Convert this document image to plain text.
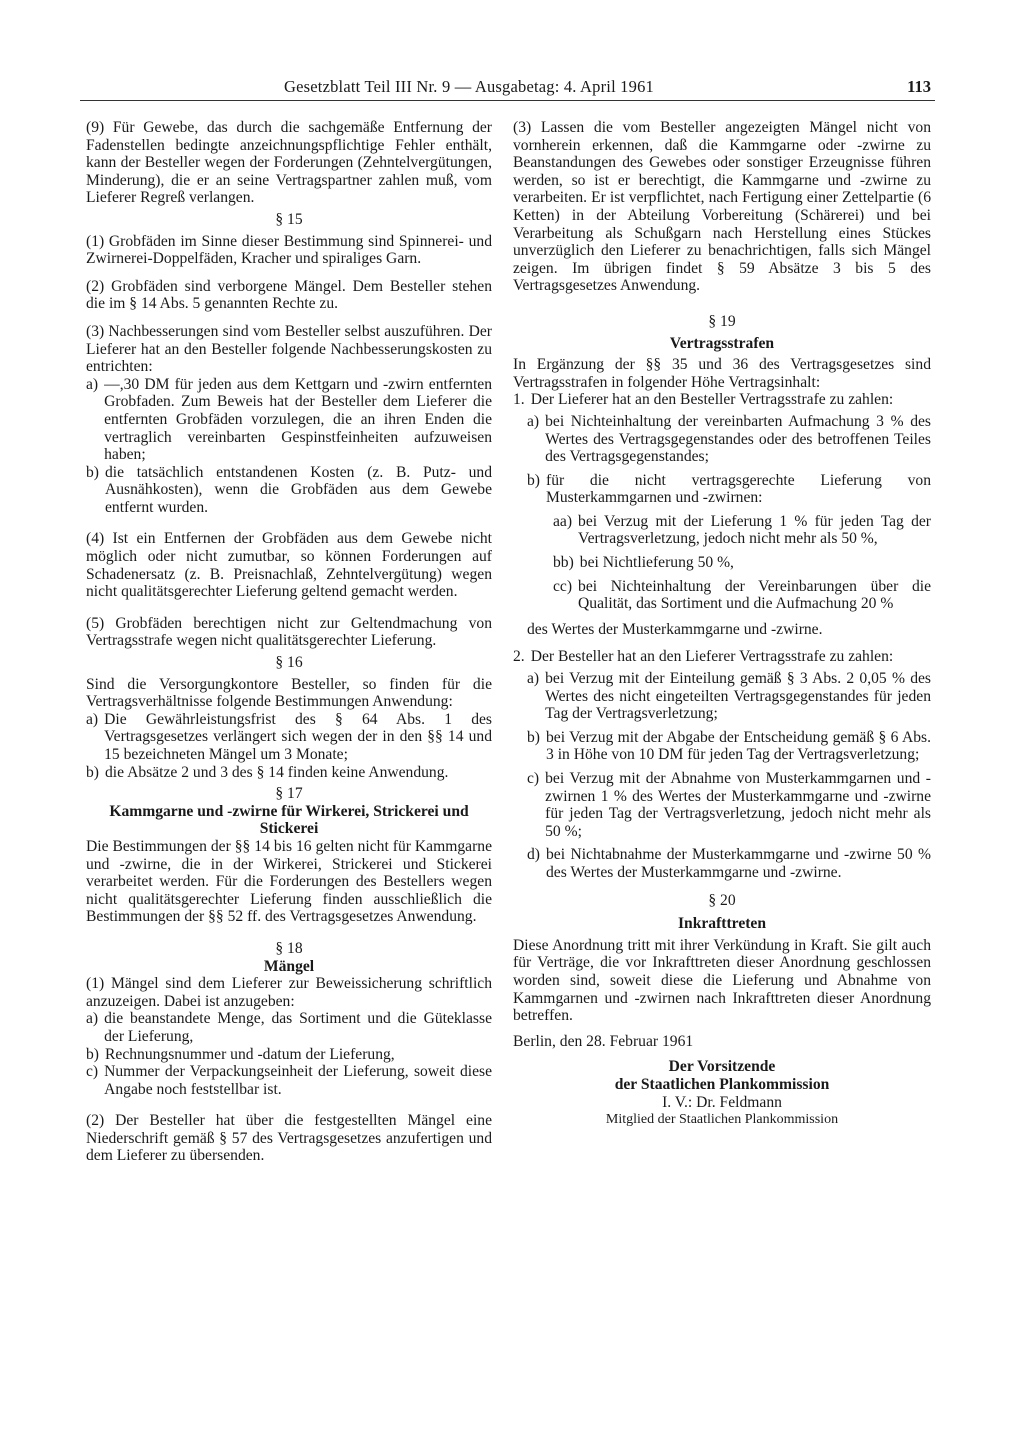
Gesetzblatt Teil III Nr. 9 — Ausgabetag: 4. April 1961	113

(9) Für Gewebe, das durch die sachgemäße Entfernung der Fadenstellen bedingte anzeichnungspflichtige Fehler enthält, kann der Besteller wegen der Forderungen (Zehntelvergütungen, Minderung), die er an seine Vertragspartner zahlen muß, vom Lieferer Regreß verlangen.

§ 15

(1) Grobfäden im Sinne dieser Bestimmung sind Spinnerei- und Zwirnerei-Doppelfäden, Kracher und spiraliges Garn.

(2) Grobfäden sind verborgene Mängel. Dem Besteller stehen die im § 14 Abs. 5 genannten Rechte zu.

(3) Nachbesserungen sind vom Besteller selbst auszuführen. Der Lieferer hat an den Besteller folgende Nachbesserungskosten zu entrichten:

a) —,30 DM für jeden aus dem Kettgarn und -zwirn entfernten Grobfaden. Zum Beweis hat der Besteller dem Lieferer die entfernten Grobfäden vorzulegen, die an ihren Enden die vertraglich vereinbarten Gespinstfeinheiten aufzuweisen haben;
b) die tatsächlich entstandenen Kosten (z. B. Putz- und Ausnähkosten), wenn die Grobfäden aus dem Gewebe entfernt wurden.

(4) Ist ein Entfernen der Grobfäden aus dem Gewebe nicht möglich oder nicht zumutbar, so können Forderungen auf Schadenersatz (z. B. Preisnachlaß, Zehntelvergütung) wegen nicht qualitätsgerechter Lieferung geltend gemacht werden.

(5) Grobfäden berechtigen nicht zur Geltendmachung von Vertragsstrafe wegen nicht qualitätsgerechter Lieferung.

§ 16

Sind die Versorgungkontore Besteller, so finden für die Vertragsverhältnisse folgende Bestimmungen Anwendung:

a) Die Gewährleistungsfrist des § 64 Abs. 1 des Vertragsgesetzes verlängert sich wegen der in den §§ 14 und 15 bezeichneten Mängel um 3 Monate;
b) die Absätze 2 und 3 des § 14 finden keine Anwendung.

§ 17

Kammgarne und -zwirne für Wirkerei, Strickerei und Stickerei

Die Bestimmungen der §§ 14 bis 16 gelten nicht für Kammgarne und -zwirne, die in der Wirkerei, Strickerei und Stickerei verarbeitet werden. Für die Forderungen des Bestellers wegen nicht qualitätsgerechter Lieferung finden ausschließlich die Bestimmungen der §§ 52 ff. des Vertragsgesetzes Anwendung.

§ 18

Mängel

(1) Mängel sind dem Lieferer zur Beweissicherung schriftlich anzuzeigen. Dabei ist anzugeben:

a) die beanstandete Menge, das Sortiment und die Güteklasse der Lieferung,
b) Rechnungsnummer und -datum der Lieferung,
c) Nummer der Verpackungseinheit der Lieferung, soweit diese Angabe noch feststellbar ist.

(2) Der Besteller hat über die festgestellten Mängel eine Niederschrift gemäß § 57 des Vertragsgesetzes anzufertigen und dem Lieferer zu übersenden.

(3) Lassen die vom Besteller angezeigten Mängel nicht von vornherein erkennen, daß die Kammgarne oder -zwirne zu Beanstandungen des Gewebes oder sonstiger Erzeugnisse führen werden, so ist er berechtigt, die Kammgarne und -zwirne zu verarbeiten. Er ist verpflichtet, nach Fertigung einer Zettelpartie (6 Ketten) in der Abteilung Vorbereitung (Schärerei) und bei Verarbeitung als Schußgarn nach Herstellung eines Stückes unverzüglich den Lieferer zu benachrichtigen, falls sich Mängel zeigen. Im übrigen findet § 59 Absätze 3 bis 5 des Vertragsgesetzes Anwendung.

§ 19

Vertragsstrafen

In Ergänzung der §§ 35 und 36 des Vertragsgesetzes sind Vertragsstrafen in folgender Höhe Vertragsinhalt:

1. Der Lieferer hat an den Besteller Vertragsstrafe zu zahlen:
a) bei Nichteinhaltung der vereinbarten Aufmachung 3 % des Wertes des Vertragsgegenstandes oder des betroffenen Teiles des Vertragsgegenstandes;
b) für die nicht vertragsgerechte Lieferung von Musterkammgarnen und -zwirnen:
aa) bei Verzug mit der Lieferung 1 % für jeden Tag der Vertragsverletzung, jedoch nicht mehr als 50 %,
bb) bei Nichtlieferung 50 %,
cc) bei Nichteinhaltung der Vereinbarungen über die Qualität, das Sortiment und die Aufmachung 20 %

des Wertes der Musterkammgarne und -zwirne.

2. Der Besteller hat an den Lieferer Vertragsstrafe zu zahlen:
a) bei Verzug mit der Einteilung gemäß § 3 Abs. 2 0,05 % des Wertes des nicht eingeteilten Vertragsgegenstandes für jeden Tag der Vertragsverletzung;
b) bei Verzug mit der Abgabe der Entscheidung gemäß § 6 Abs. 3 in Höhe von 10 DM für jeden Tag der Vertragsverletzung;
c) bei Verzug mit der Abnahme von Musterkammgarnen und -zwirnen 1 % des Wertes der Musterkammgarne und -zwirne für jeden Tag der Vertragsverletzung, jedoch nicht mehr als 50 %;
d) bei Nichtabnahme der Musterkammgarne und -zwirne 50 % des Wertes der Musterkammgarne und -zwirne.

§ 20

Inkrafttreten

Diese Anordnung tritt mit ihrer Verkündung in Kraft. Sie gilt auch für Verträge, die vor Inkrafttreten dieser Anordnung geschlossen worden sind, soweit diese die Lieferung und Abnahme von Kammgarnen und -zwirnen nach Inkrafttreten dieser Anordnung betreffen.

Berlin, den 28. Februar 1961

Der Vorsitzende

der Staatlichen Plankommission

I. V.: Dr. Feldmann

Mitglied der Staatlichen Plankommission
